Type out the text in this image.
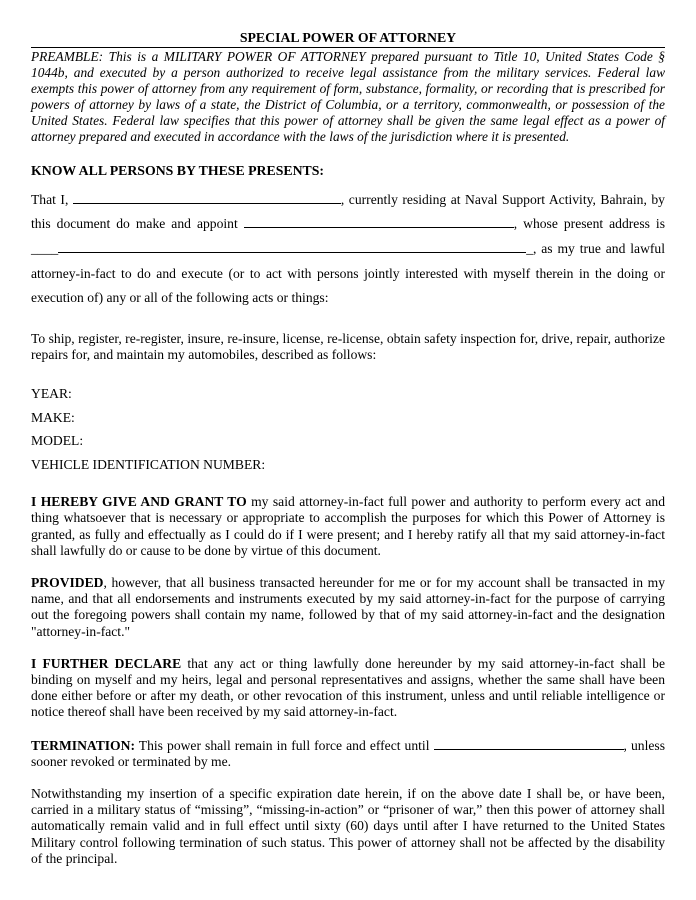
SPECIAL POWER OF ATTORNEY

PREAMBLE: This is a MILITARY POWER OF ATTORNEY prepared pursuant to Title 10, United States Code § 1044b, and executed by a person authorized to receive legal assistance from the military services. Federal law exempts this power of attorney from any requirement of form, substance, formality, or recording that is prescribed for powers of attorney by laws of a state, the District of Columbia, or a territory, commonwealth, or possession of the United States. Federal law specifies that this power of attorney shall be given the same legal effect as a power of attorney prepared and executed in accordance with the laws of the jurisdiction where it is presented.

KNOW ALL PERSONS BY THESE PRESENTS:

That I,	, currently residing at Naval Support Activity, Bahrain, by
this document do make and appoint	, whose present address is
____	_, as my true and lawful
attorney-in-fact to do and execute (or to act with persons jointly interested with myself therein in the doing or
execution of) any or all of the following acts or things:

To ship, register, re-register, insure, re-insure, license, re-license, obtain safety inspection for, drive, repair, authorize repairs for, and maintain my automobiles, described as follows:

YEAR:
MAKE:
MODEL:
VEHICLE IDENTIFICATION NUMBER:

I HEREBY GIVE AND GRANT TO my said attorney-in-fact full power and authority to perform every act and thing whatsoever that is necessary or appropriate to accomplish the purposes for which this Power of Attorney is granted, as fully and effectually as I could do if I were present; and I hereby ratify all that my said attorney-in-fact shall lawfully do or cause to be done by virtue of this document.

PROVIDED, however, that all business transacted hereunder for me or for my account shall be transacted in my name, and that all endorsements and instruments executed by my said attorney-in-fact for the purpose of carrying out the foregoing powers shall contain my name, followed by that of my said attorney-in-fact and the designation "attorney-in-fact."

I FURTHER DECLARE that any act or thing lawfully done hereunder by my said attorney-in-fact shall be binding on myself and my heirs, legal and personal representatives and assigns, whether the same shall have been done either before or after my death, or other revocation of this instrument, unless and until reliable intelligence or notice thereof shall have been received by my said attorney-in-fact.

TERMINATION: This power shall remain in full force and effect until	, unless
sooner revoked or terminated by me.

Notwithstanding my insertion of a specific expiration date herein, if on the above date I shall be, or have been, carried in a military status of “missing”, “missing-in-action” or “prisoner of war,” then this power of attorney shall automatically remain valid and in full effect until sixty (60) days until after I have returned to the United States Military control following termination of such status. This power of attorney shall not be affected by the disability of the principal.
